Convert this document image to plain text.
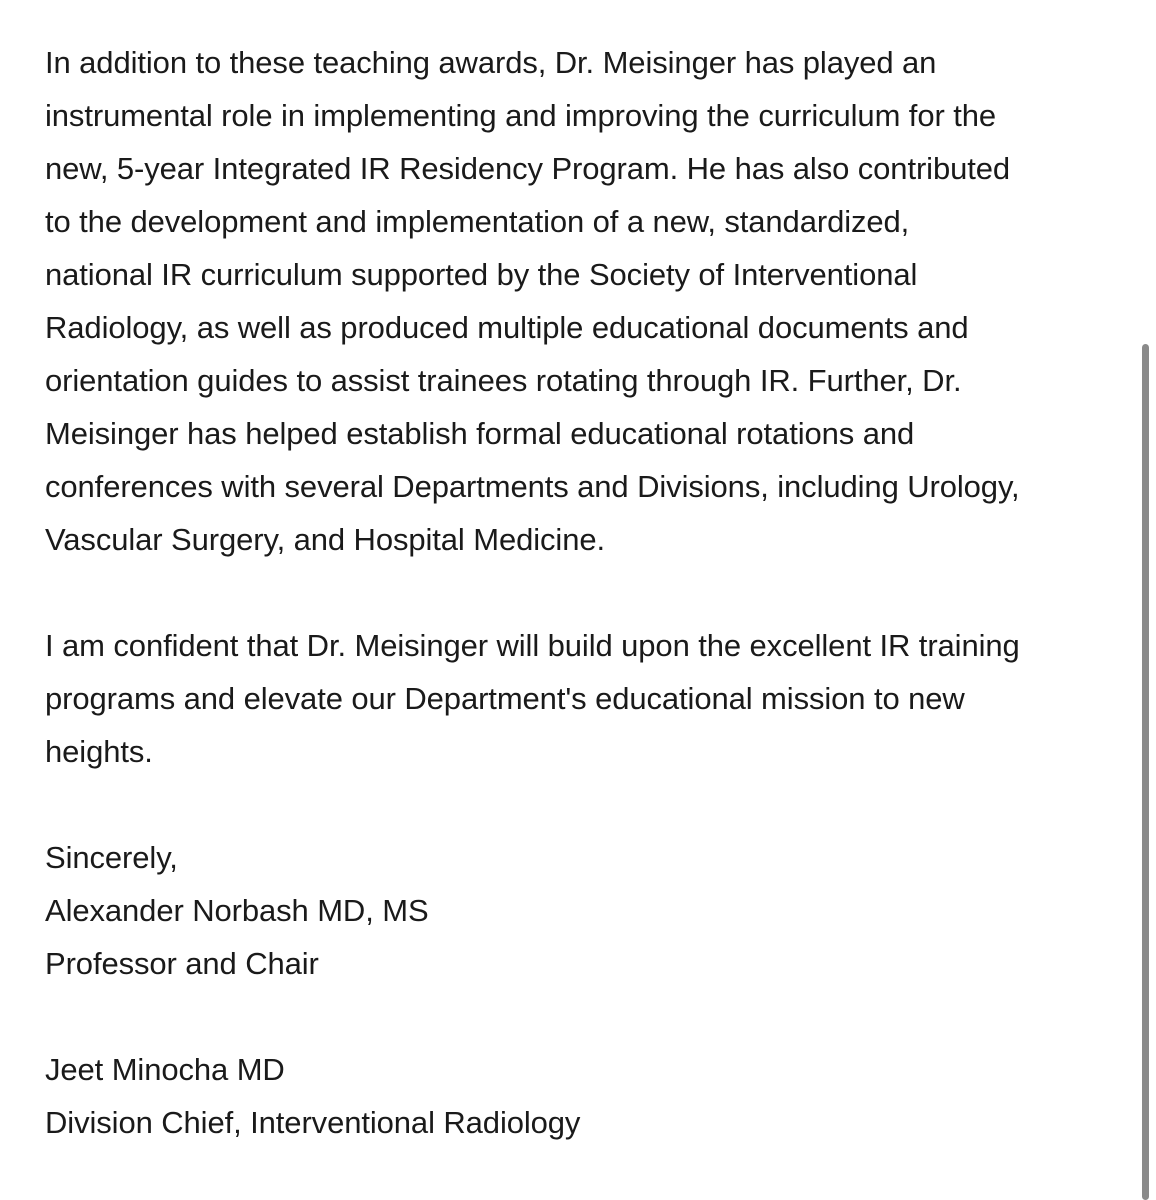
In addition to these teaching awards, Dr. Meisinger has played an
instrumental role in implementing and improving the curriculum for the
new, 5-year Integrated IR Residency Program. He has also contributed
to the development and implementation of a new, standardized,
national IR curriculum supported by the Society of Interventional
Radiology, as well as produced multiple educational documents and
orientation guides to assist trainees rotating through IR. Further, Dr.
Meisinger has helped establish formal educational rotations and
conferences with several Departments and Divisions, including Urology,
Vascular Surgery, and Hospital Medicine.

I am confident that Dr. Meisinger will build upon the excellent IR training
programs and elevate our Department's educational mission to new
heights.

Sincerely,
Alexander Norbash MD, MS
Professor and Chair

Jeet Minocha MD
Division Chief, Interventional Radiology
